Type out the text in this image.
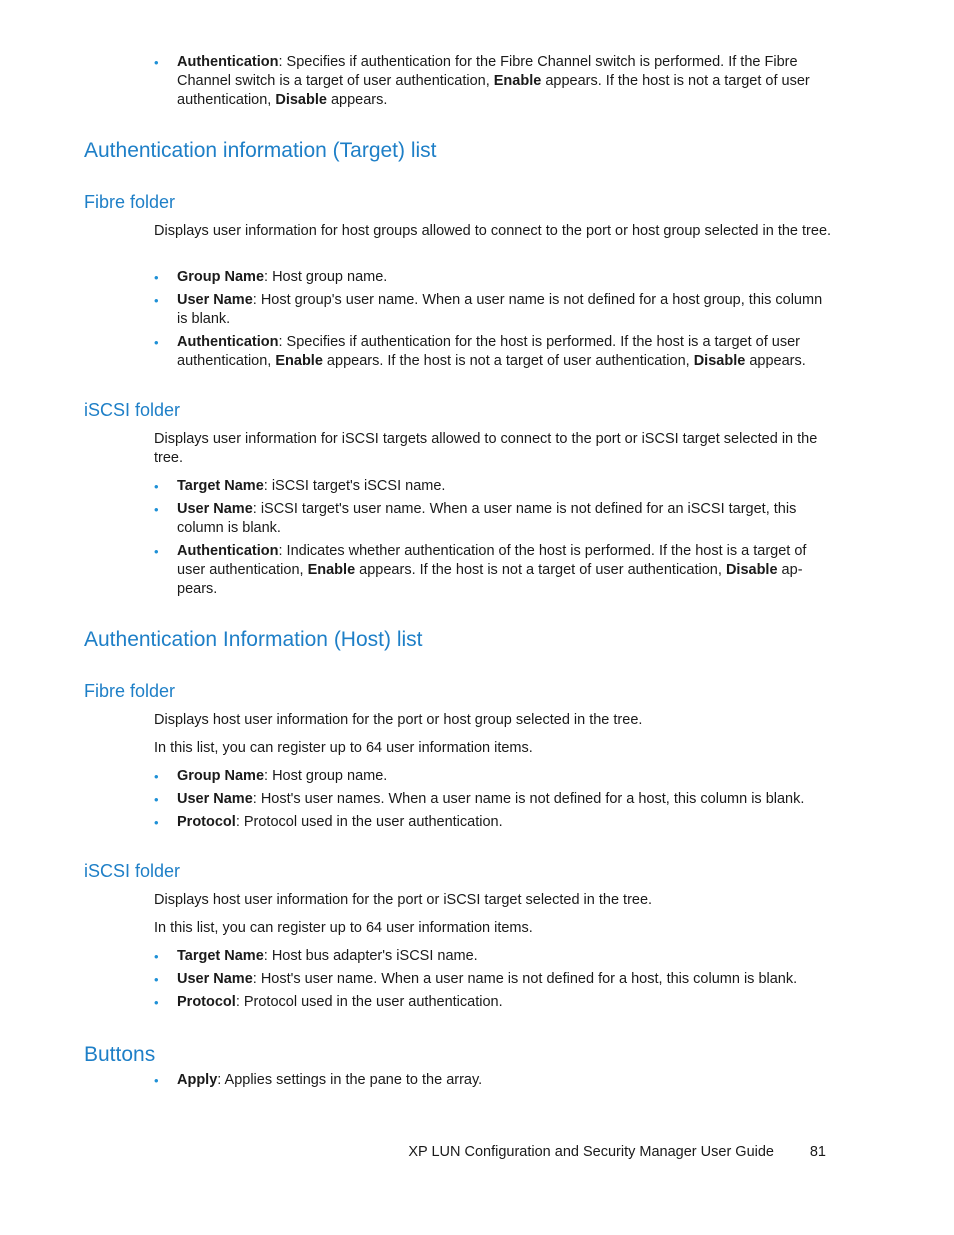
• Authentication: Specifies if authentication for the Fibre Channel switch is performed. If the Fibre Channel switch is a target of user authentication, Enable appears. If the host is not a target of user authentication, Disable appears.
Authentication information (Target) list
Fibre folder

Displays user information for host groups allowed to connect to the port or host group selected in the tree.

• Group Name: Host group name.
• User Name: Host group's user name. When a user name is not defined for a host group, this column is blank.
• Authentication: Specifies if authentication for the host is performed. If the host is a target of user authentication, Enable appears. If the host is not a target of user authentication, Disable appears.
iSCSI folder

Displays user information for iSCSI targets allowed to connect to the port or iSCSI target selected in the tree.

• Target Name: iSCSI target's iSCSI name.
• User Name: iSCSI target's user name. When a user name is not defined for an iSCSI target, this column is blank.
• Authentication: Indicates whether authentication of the host is performed. If the host is a target of user authentication, Enable appears. If the host is not a target of user authentication, Disable ap-pears.
Authentication Information (Host) list
Fibre folder

Displays host user information for the port or host group selected in the tree.

In this list, you can register up to 64 user information items.

• Group Name: Host group name.
• User Name: Host's user names. When a user name is not defined for a host, this column is blank.
• Protocol: Protocol used in the user authentication.
iSCSI folder

Displays host user information for the port or iSCSI target selected in the tree.

In this list, you can register up to 64 user information items.

• Target Name: Host bus adapter's iSCSI name.
• User Name: Host's user name. When a user name is not defined for a host, this column is blank.
• Protocol: Protocol used in the user authentication.
Buttons
• Apply: Applies settings in the pane to the array.
XP LUN Configuration and Security Manager User Guide 81
